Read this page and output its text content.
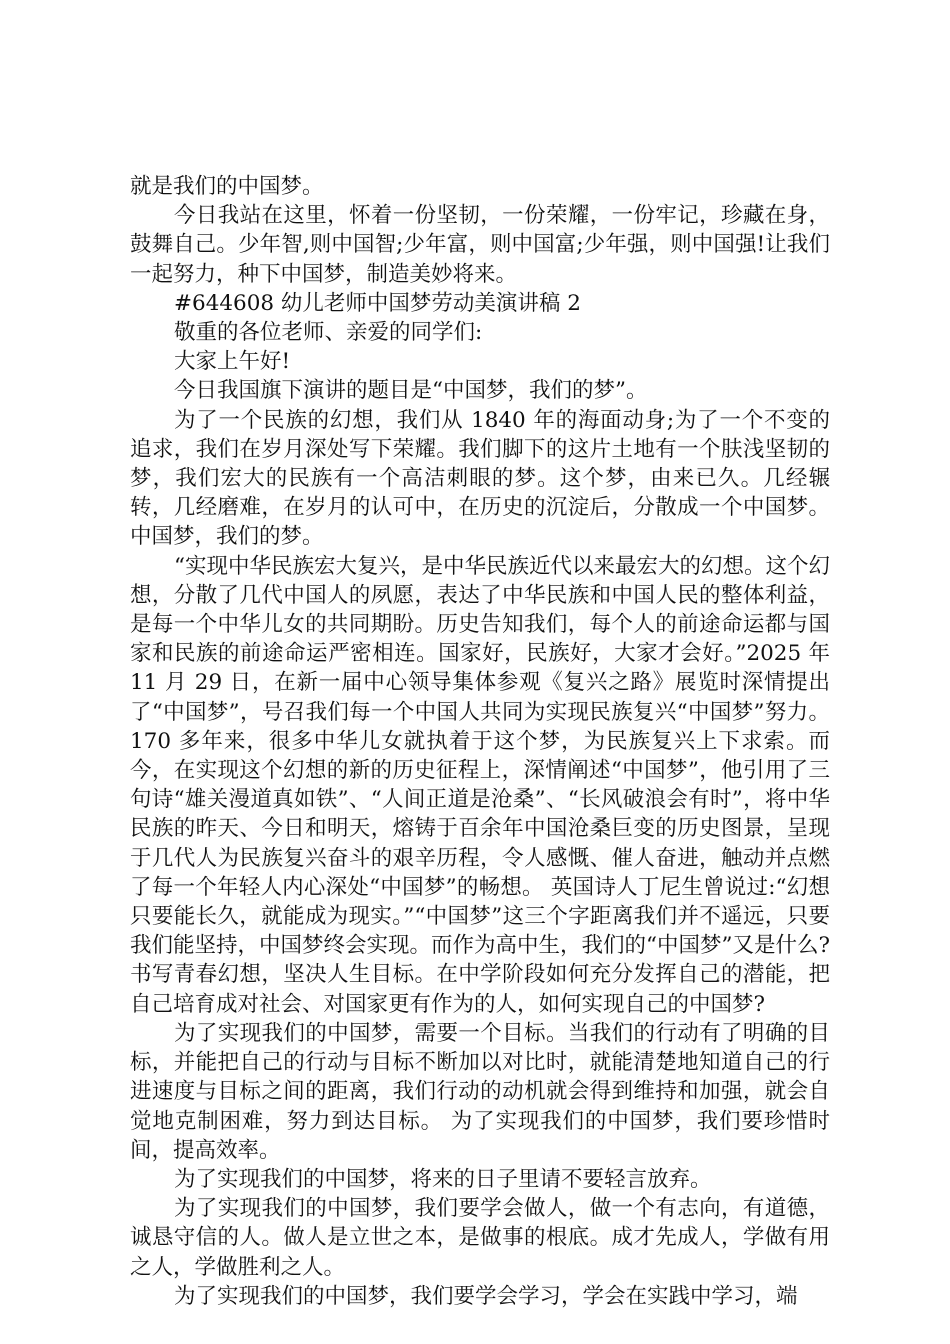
就是我们的中国梦。

今日我站在这里，怀着一份坚韧，一份荣耀，一份牢记，珍藏在身，鼓舞自己。少年智,则中国智;少年富，则中国富;少年强，则中国强!让我们一起努力，种下中国梦，制造美妙将来。

#644608 幼儿老师中国梦劳动美演讲稿 2

敬重的各位老师、亲爱的同学们:

大家上午好!

今日我国旗下演讲的题目是“中国梦，我们的梦”。

为了一个民族的幻想，我们从 1840 年的海面动身;为了一个不变的追求，我们在岁月深处写下荣耀。我们脚下的这片土地有一个肤浅坚韧的梦，我们宏大的民族有一个高洁刺眼的梦。这个梦，由来已久。几经辗转，几经磨难，在岁月的认可中，在历史的沉淀后，分散成一个中国梦。中国梦，我们的梦。

“实现中华民族宏大复兴，是中华民族近代以来最宏大的幻想。这个幻想，分散了几代中国人的夙愿，表达了中华民族和中国人民的整体利益，是每一个中华儿女的共同期盼。历史告知我们，每个人的前途命运都与国家和民族的前途命运严密相连。国家好，民族好，大家才会好。”2025 年 11 月 29 日，在新一届中心领导集体参观《复兴之路》展览时深情提出了“中国梦”，号召我们每一个中国人共同为实现民族复兴“中国梦”努力。 170 多年来，很多中华儿女就执着于这个梦，为民族复兴上下求索。而今，在实现这个幻想的新的历史征程上，深情阐述“中国梦”，他引用了三句诗“雄关漫道真如铁”、“人间正道是沧桑”、“长风破浪会有时”，将中华民族的昨天、今日和明天，熔铸于百余年中国沧桑巨变的历史图景，呈现于几代人为民族复兴奋斗的艰辛历程，令人感慨、催人奋进，触动并点燃了每一个年轻人内心深处“中国梦”的畅想。 英国诗人丁尼生曾说过:“幻想只要能长久，就能成为现实。”“中国梦”这三个字距离我们并不遥远，只要我们能坚持，中国梦终会实现。而作为高中生，我们的“中国梦”又是什么?书写青春幻想，坚决人生目标。在中学阶段如何充分发挥自己的潜能，把自己培育成对社会、对国家更有作为的人，如何实现自己的中国梦?

为了实现我们的中国梦，需要一个目标。当我们的行动有了明确的目标，并能把自己的行动与目标不断加以对比时，就能清楚地知道自己的行进速度与目标之间的距离，我们行动的动机就会得到维持和加强，就会自觉地克制困难，努力到达目标。 为了实现我们的中国梦，我们要珍惜时间，提高效率。

为了实现我们的中国梦，将来的日子里请不要轻言放弃。

为了实现我们的中国梦，我们要学会做人，做一个有志向，有道德，诚恳守信的人。做人是立世之本，是做事的根底。成才先成人，学做有用之人，学做胜利之人。

为了实现我们的中国梦，我们要学会学习，学会在实践中学习，端
